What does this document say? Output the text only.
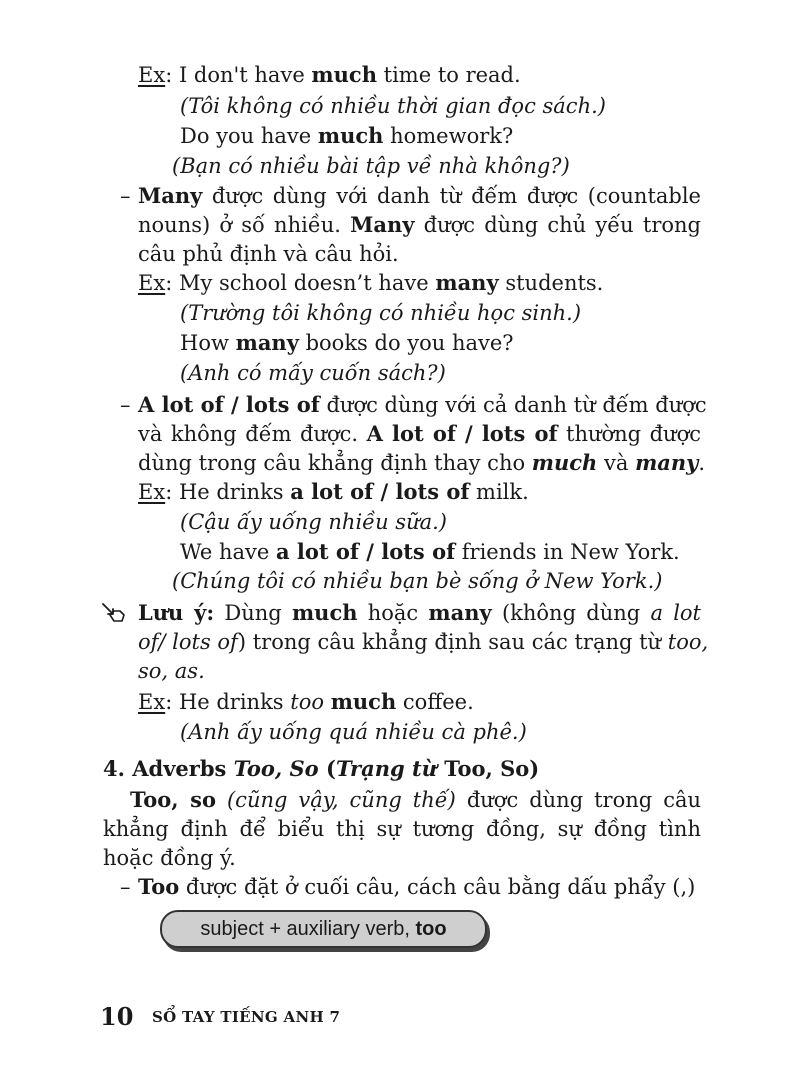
Ex: I don't have much time to read.
(Tôi không có nhiều thời gian đọc sách.)
Do you have much homework?
(Bạn có nhiều bài tập về nhà không?)
– Many được dùng với danh từ đếm được (countable
nouns) ở số nhiều. Many được dùng chủ yếu trong
câu phủ định và câu hỏi.
Ex: My school doesn’t have many students.
(Trường tôi không có nhiều học sinh.)
How many books do you have?
(Anh có mấy cuốn sách?)
– A lot of / lots of được dùng với cả danh từ đếm được
và không đếm được. A lot of / lots of thường được
dùng trong câu khẳng định thay cho much và many.
Ex: He drinks a lot of / lots of milk.
(Cậu ấy uống nhiều sữa.)
We have a lot of / lots of friends in New York.
(Chúng tôi có nhiều bạn bè sống ở New York.)
Lưu ý: Dùng much hoặc many (không dùng a lot
of/ lots of) trong câu khẳng định sau các trạng từ too,
so, as.
Ex: He drinks too much coffee.
(Anh ấy uống quá nhiều cà phê.)
4. Adverbs Too, So (Trạng từ Too, So)
Too, so (cũng vậy, cũng thế) được dùng trong câu
khẳng định để biểu thị sự tương đồng, sự đồng tình
hoặc đồng ý.
– Too được đặt ở cuối câu, cách câu bằng dấu phẩy (,)
subject + auxiliary verb, too
10 SỔ TAY TIẾNG ANH 7
